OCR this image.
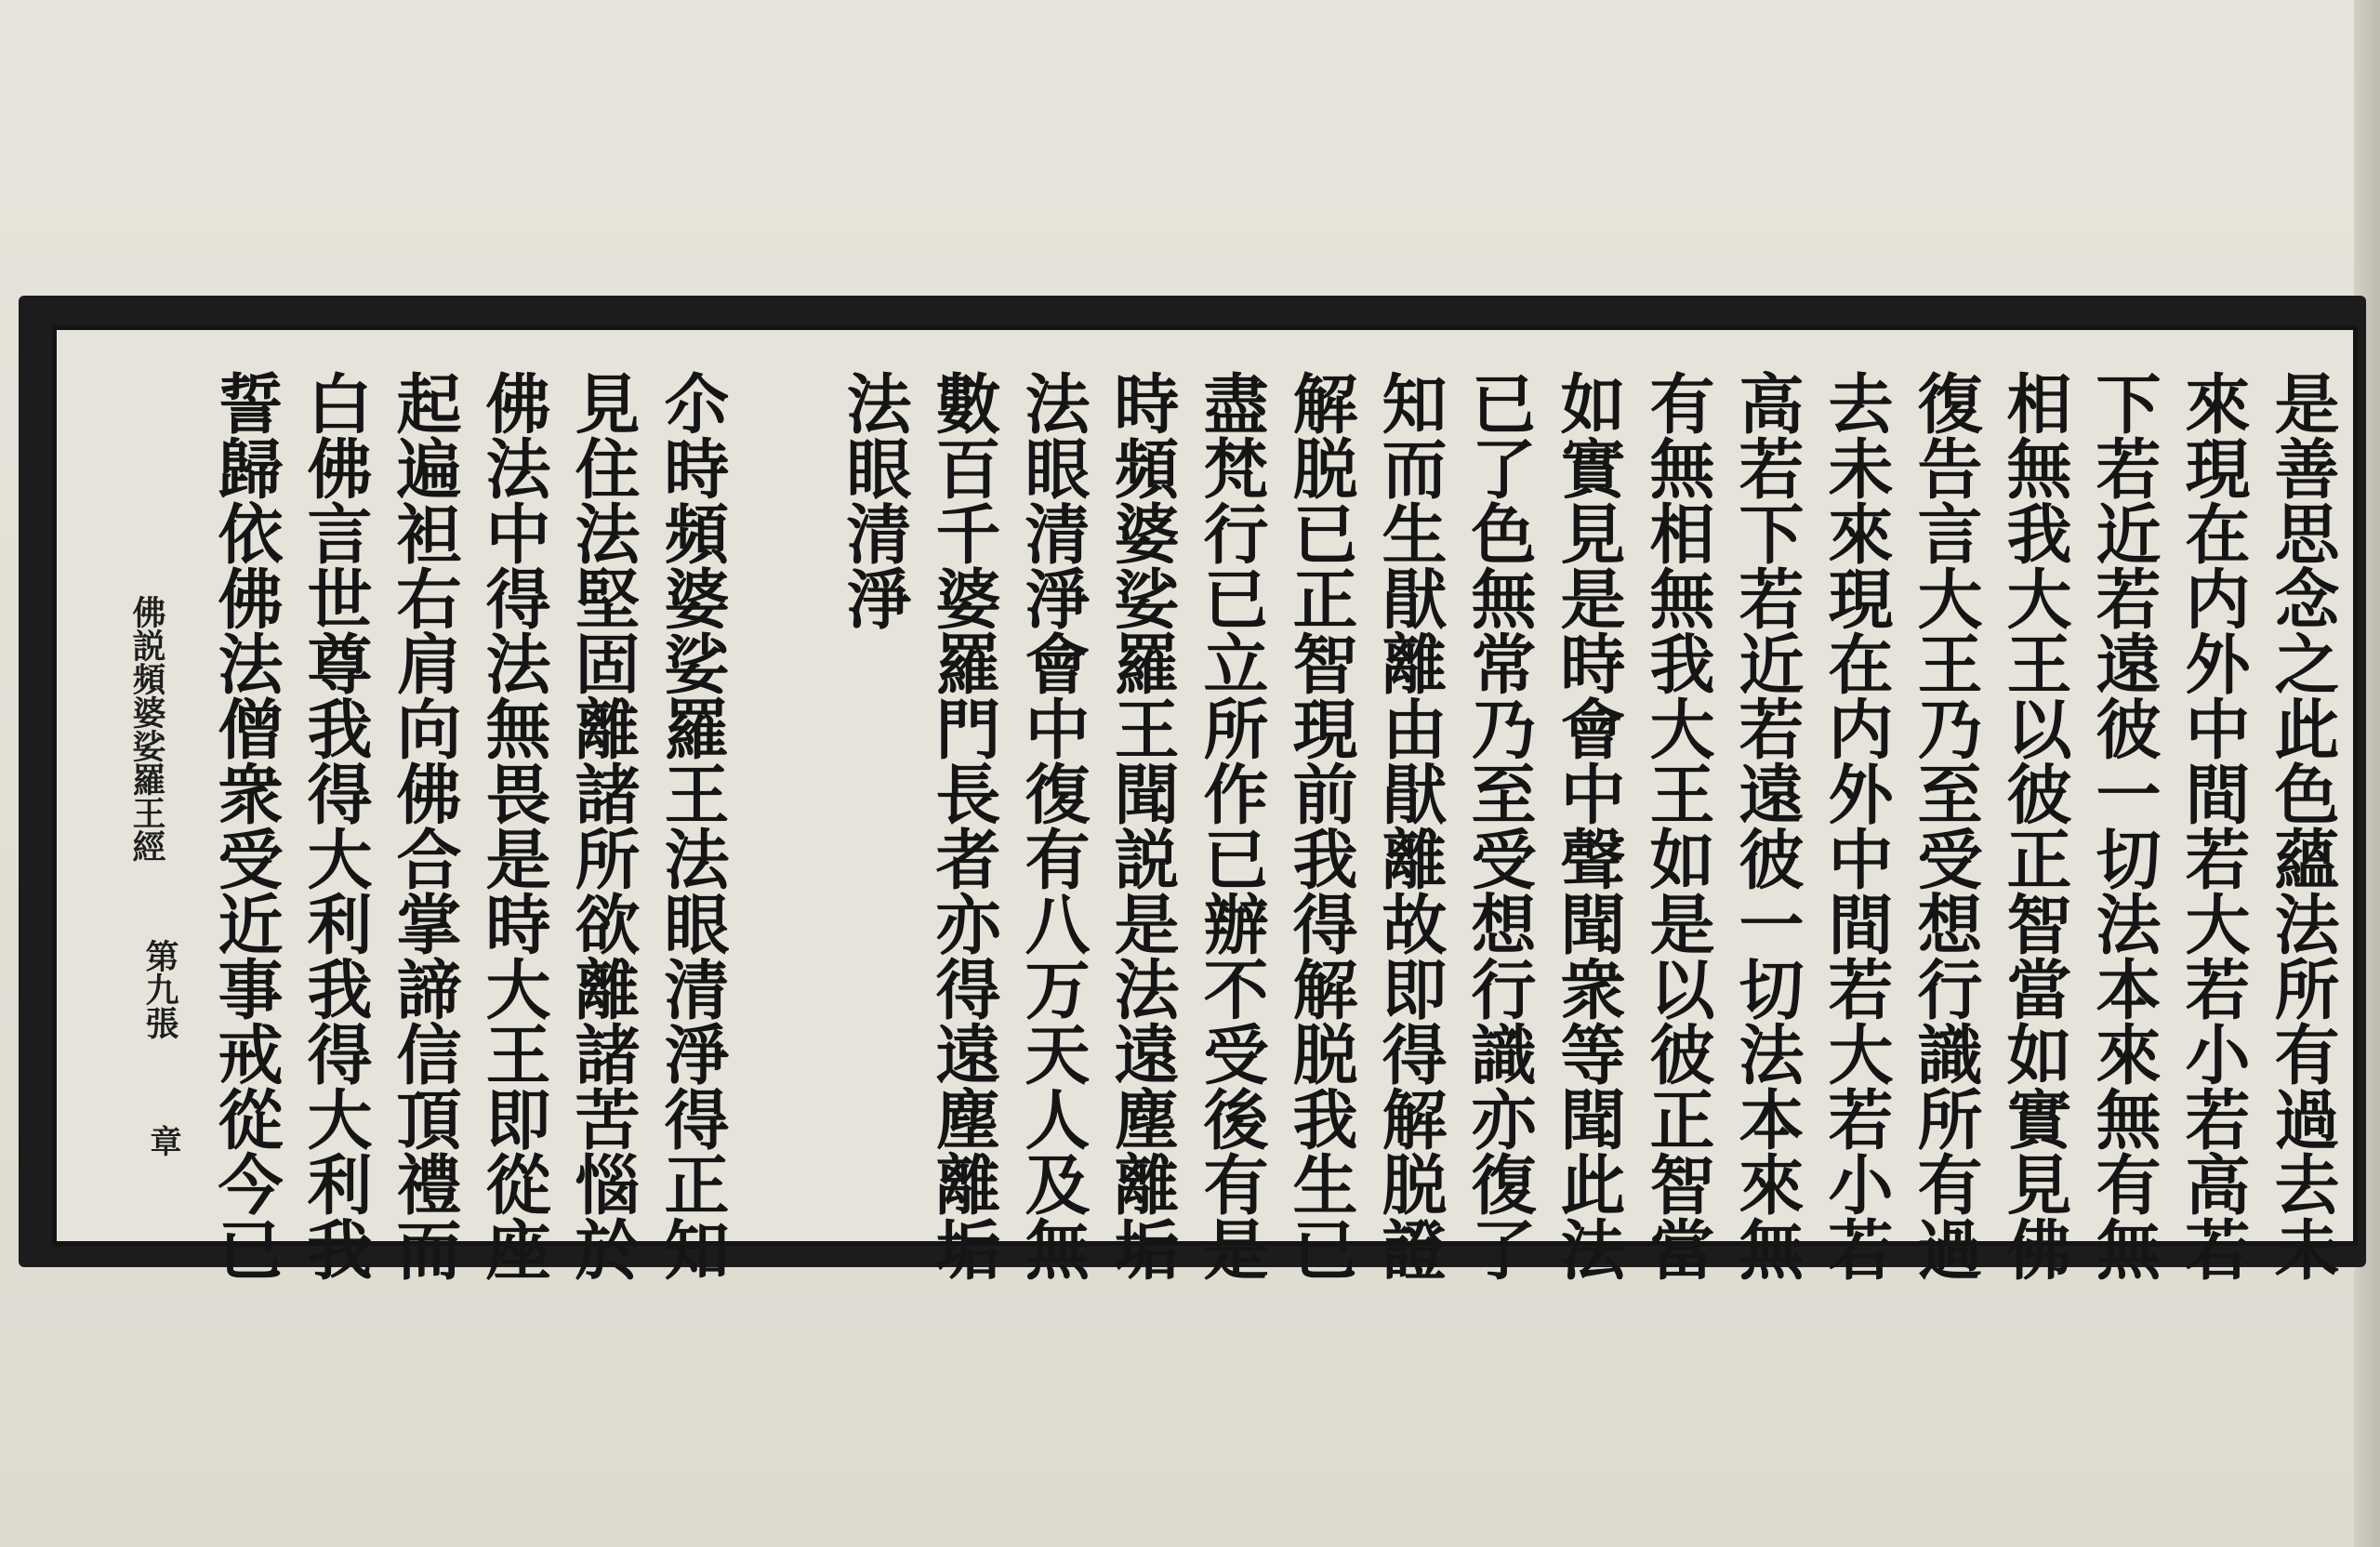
是善思念之此色蘊法所有過去未
來現在内外中間若大若小若高若
下若近若遠彼一切法本來無有無
相無我大王以彼正智當如實見佛
復告言大王乃至受想行識所有過
去未來現在内外中間若大若小若
高若下若近若遠彼一切法本來無
有無相無我大王如是以彼正智當
如實見是時會中聲聞衆等聞此法
已了色無常乃至受想行識亦復了
知而生猒離由猒離故即得解脱證
解脱已正智現前我得解脱我生已
盡梵行已立所作已辦不受後有是
時頻婆娑羅王聞説是法遠塵離垢
法眼清淨會中復有八万天人及無
數百千婆羅門長者亦得遠塵離垢
法眼清淨
尒時頻婆娑羅王法眼清淨得正知
見住法堅固離諸所欲離諸苦惱於
佛法中得法無畏是時大王即從座
起遍袒右肩向佛合掌諦信頂禮而
白佛言世尊我得大利我得大利我
誓歸依佛法僧衆受近事戒從今已
佛説頻婆娑羅王經
第九張
章
